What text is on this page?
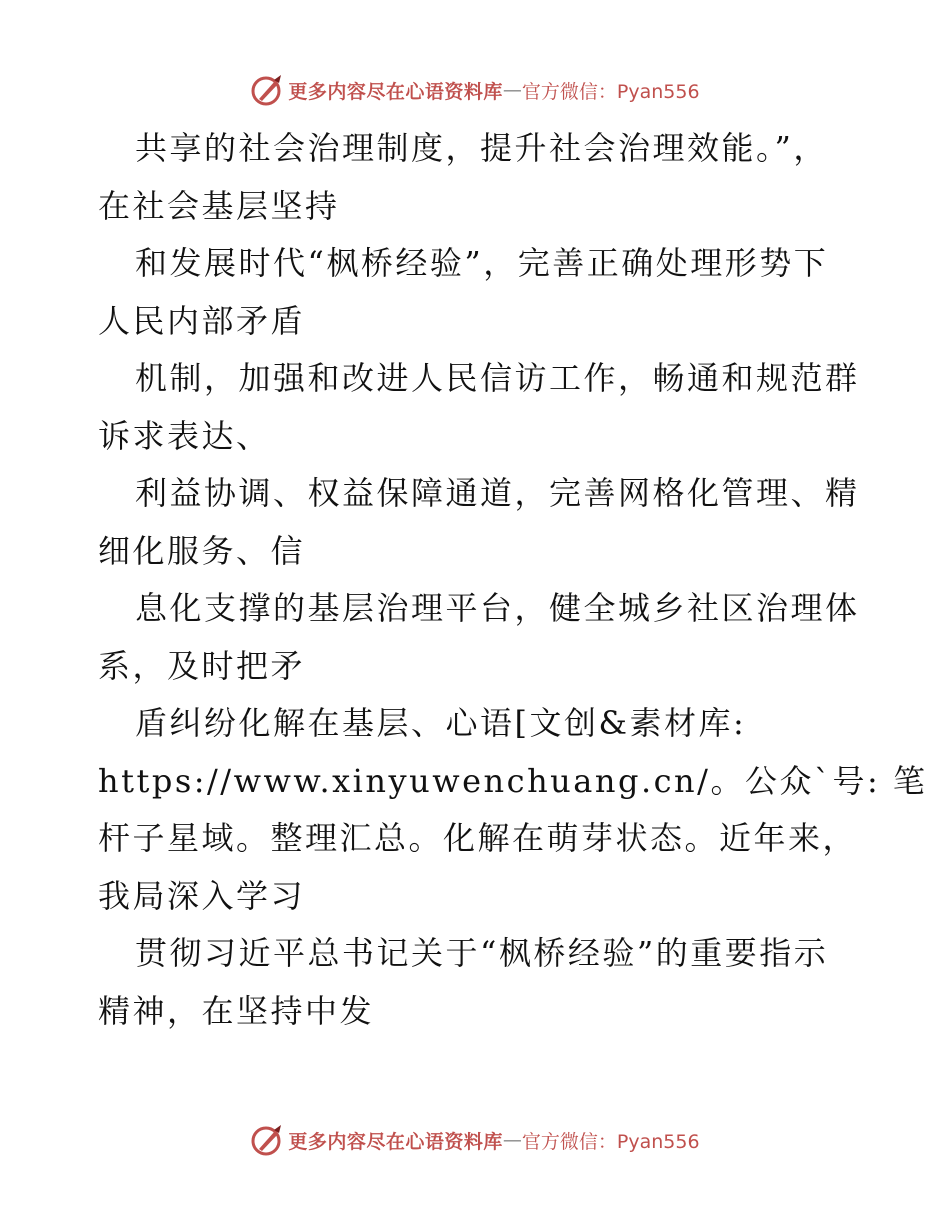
更多内容尽在心语资料库 — 官方微信：Pyan556
共享的社会治理制度，提升社会治理效能。”，
在社会基层坚持
和发展时代“枫桥经验”，完善正确处理形势下
人民内部矛盾
机制，加强和改进人民信访工作，畅通和规范群
诉求表达、
利益协调、权益保障通道，完善网格化管理、精
细化服务、信
息化支撑的基层治理平台，健全城乡社区治理体
系，及时把矛
盾纠纷化解在基层、心语[文创&素材库:
https://www.xinyuwenchuang.cn/。公众`号: 笔
杆子星域。整理汇总。化解在萌芽状态。近年来，
我局深入学习
贯彻习近平总书记关于“枫桥经验”的重要指示
精神，在坚持中发
更多内容尽在心语资料库 — 官方微信：Pyan556
